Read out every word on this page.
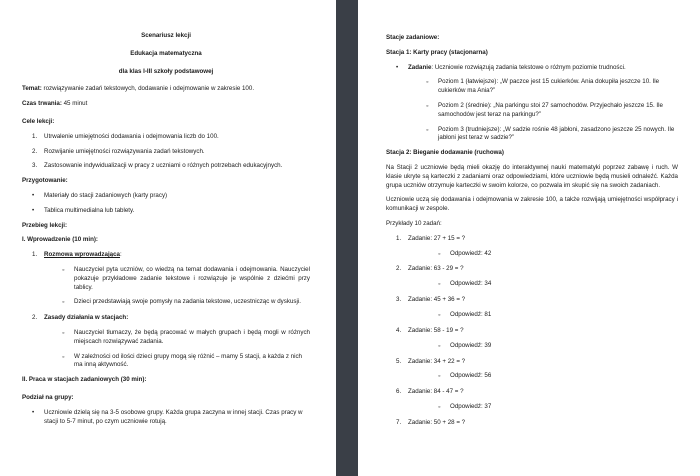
Scenariusz lekcji

Edukacja matematyczna

dla klas I-III szkoły podstawowej

Temat: rozwiązywanie zadań tekstowych, dodawanie i odejmowanie w zakresie 100.

Czas trwania: 45 minut

Cele lekcji:

1.	Utrwalenie umiejętności dodawania i odejmowania liczb do 100.
2.	Rozwijanie umiejętności rozwiązywania zadań tekstowych.
3.	Zastosowanie indywidualizacji w pracy z uczniami o różnych potrzebach edukacyjnych.

Przygotowanie:

•
Materiały do stacji zadaniowych (karty pracy)
•
Tablica multimedialna lub tablety.

Przebieg lekcji:

I. Wprowadzenie (10 min):

1.	Rozmowa wprowadzająca:
◦
Nauczyciel pyta uczniów, co wiedzą na temat dodawania i odejmowania. Nauczyciel pokazuje przykładowe zadanie tekstowe i rozwiązuje je wspólnie z dziećmi przy tablicy.
◦
Dzieci przedstawiają swoje pomysły na zadania tekstowe, uczestnicząc w dyskusji.
2.	Zasady działania w stacjach:
◦
Nauczyciel tłumaczy, że będą pracować w małych grupach i będą mogli w różnych miejscach rozwiązywać zadania.
◦
W zależności od ilości dzieci grupy mogą się różnić – mamy 5 stacji, a każda z nich ma inną aktywność.

II. Praca w stacjach zadaniowych (30 min):

Podział na grupy:

•
Uczniowie dzielą się na 3-5 osobowe grupy. Każda grupa zaczyna w innej stacji. Czas pracy w stacji to 5-7 minut, po czym uczniowie rotują.

Stacje zadaniowe:

Stacja 1: Karty pracy (stacjonarna)

•
Zadanie: Uczniowie rozwiązują zadania tekstowe o różnym poziomie trudności.
◦
Poziom 1 (łatwiejsze): „W paczce jest 15 cukierków. Ania dokupiła jeszcze 10. Ile cukierków ma Ania?”
◦
Poziom 2 (średnie): „Na parkingu stoi 27 samochodów. Przyjechało jeszcze 15. Ile samochodów jest teraz na parkingu?”
◦
Poziom 3 (trudniejsze): „W sadzie rośnie 48 jabłoni, zasadzono jeszcze 25 nowych. Ile jabłoni jest teraz w sadzie?”

Stacja 2: Bieganie dodawanie (ruchowa)

Na Stacji 2 uczniowie będą mieli okazję do interaktywnej nauki matematyki poprzez zabawę i ruch. W klasie ukryte są karteczki z zadaniami oraz odpowiedziami, które uczniowie będą musieli odnaleźć. Każda grupa uczniów otrzymuje karteczki w swoim kolorze, co pozwala im skupić się na swoich zadaniach.

Uczniowie uczą się dodawania i odejmowania w zakresie 100, a także rozwijają umiejętności współpracy i komunikacji w zespole.

Przykłady 10 zadań:

1.	Zadanie: 27 + 15 = ?
◦
Odpowiedź: 42
2.	Zadanie: 63 - 29 = ?
◦
Odpowiedź: 34
3.	Zadanie: 45 + 36 = ?
◦
Odpowiedź: 81
4.	Zadanie: 58 - 19 = ?
◦
Odpowiedź: 39
5.	Zadanie: 34 + 22 = ?
◦
Odpowiedź: 56
6.	Zadanie: 84 - 47 = ?
◦
Odpowiedź: 37
7.	Zadanie: 50 + 28 = ?
